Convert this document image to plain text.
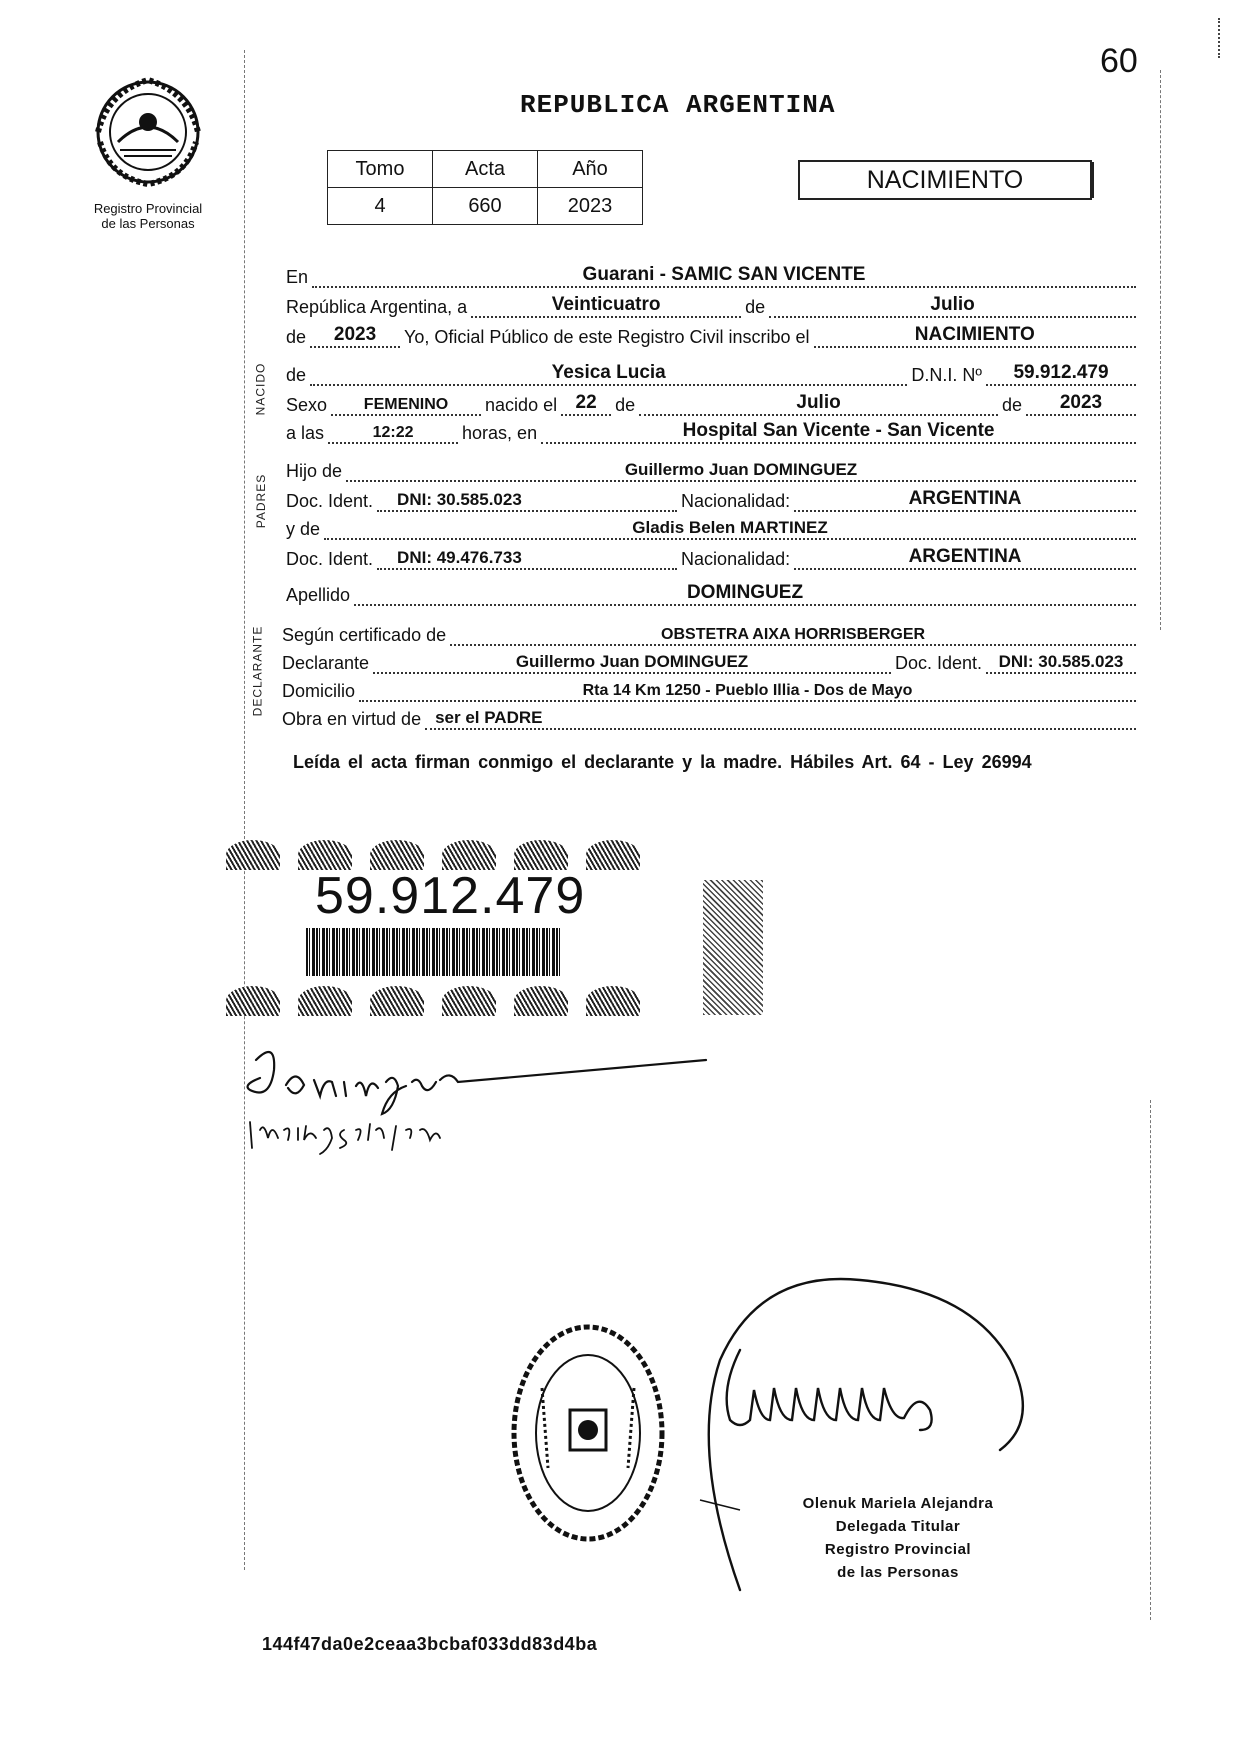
60
Registro Provincial
de las Personas
REPUBLICA ARGENTINA
Tomo	Acta	Año
4	660	2023
NACIMIENTO
En	Guarani - SAMIC SAN VICENTE
República Argentina, a	Veinticuatro	de	Julio
de 2023 Yo, Oficial Público de este Registro Civil inscribo el	NACIMIENTO
de	Yesica Lucia	D.N.I. Nº 59.912.479
Sexo FEMENINO nacido el 22 de	Julio	de 2023
a las	12:22	horas, en	Hospital San Vicente - San Vicente
Hijo de	Guillermo Juan DOMINGUEZ
Doc. Ident. DNI: 30.585.023	Nacionalidad:	ARGENTINA
y de	Gladis Belen MARTINEZ
Doc. Ident. DNI: 49.476.733	Nacionalidad:	ARGENTINA
Apellido	DOMINGUEZ
Según certificado de	OBSTETRA AIXA HORRISBERGER
Declarante	Guillermo Juan DOMINGUEZ	Doc. Ident. DNI: 30.585.023
Domicilio	Rta 14 Km 1250 - Pueblo Illia - Dos de Mayo
Obra en virtud de ser el PADRE
NACIDO
PADRES
DECLARANTE
Leída el acta firman conmigo el declarante y la madre. Hábiles Art. 64 - Ley 26994
59.912.479
Olenuk Mariela Alejandra
Delegada Titular
Registro Provincial
de las Personas
144f47da0e2ceaa3bcbaf033dd83d4ba
